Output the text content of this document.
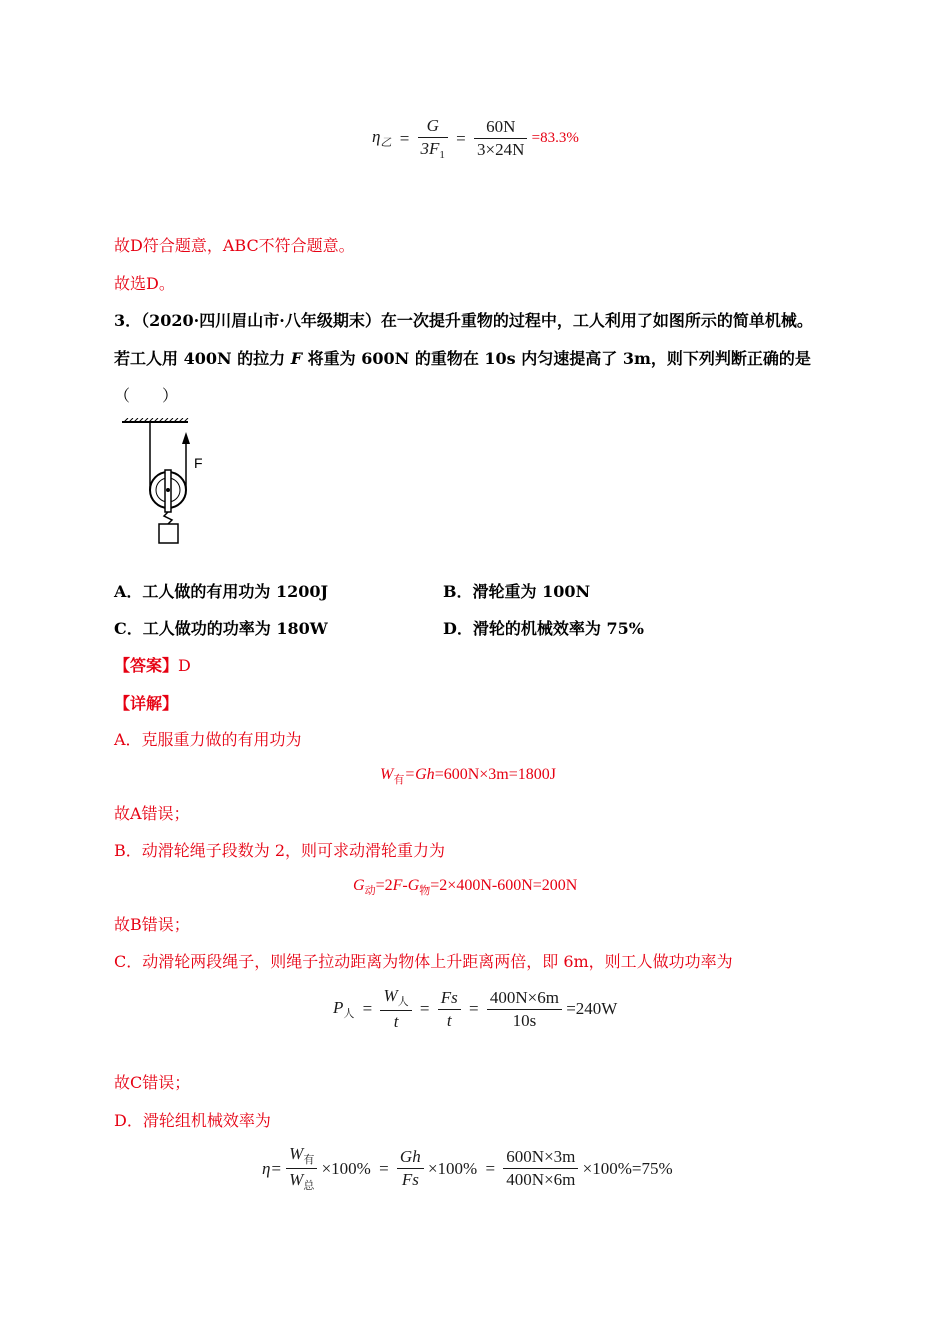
$\eta_乙 = \frac{G}{3F_1} = \frac{60N}{3\times 24N} =83.3\%$
故D符合题意，ABC不符合题意。
故选D。
3．（2020·四川眉山市·八年级期末）在一次提升重物的过程中，工人利用了如图所示的简单机械。
若工人用 400N 的拉力 F 将重为 600N 的重物在 10s 内匀速提高了 3m，则下列判断正确的是
（　　）
F
A．工人做的有用功为 1200J	B．滑轮重为 100N
C．工人做功的功率为 180W	D．滑轮的机械效率为 75%
【答案】D
【详解】
A．克服重力做的有用功为
$W_有=Gh=600N\times 3m=1800J$
故A错误；
B．动滑轮绳子段数为 2，则可求动滑轮重力为
$G_动=2F-G_物=2\times 400N-600N=200N$
故B错误；
C．动滑轮两段绳子，则绳子拉动距离为物体上升距离两倍，即 6m，则工人做功功率为
$P_人 = \frac{W_人}{t} = \frac{Fs}{t} = \frac{400N\times 6m}{10s} =240W$
故C错误；
D．滑轮组机械效率为
$\eta= \frac{W_有}{W_总} \times 100\% = \frac{Gh}{Fs} \times 100\% = \frac{600N\times 3m}{400N\times 6m} \times 100\%=75\%$
